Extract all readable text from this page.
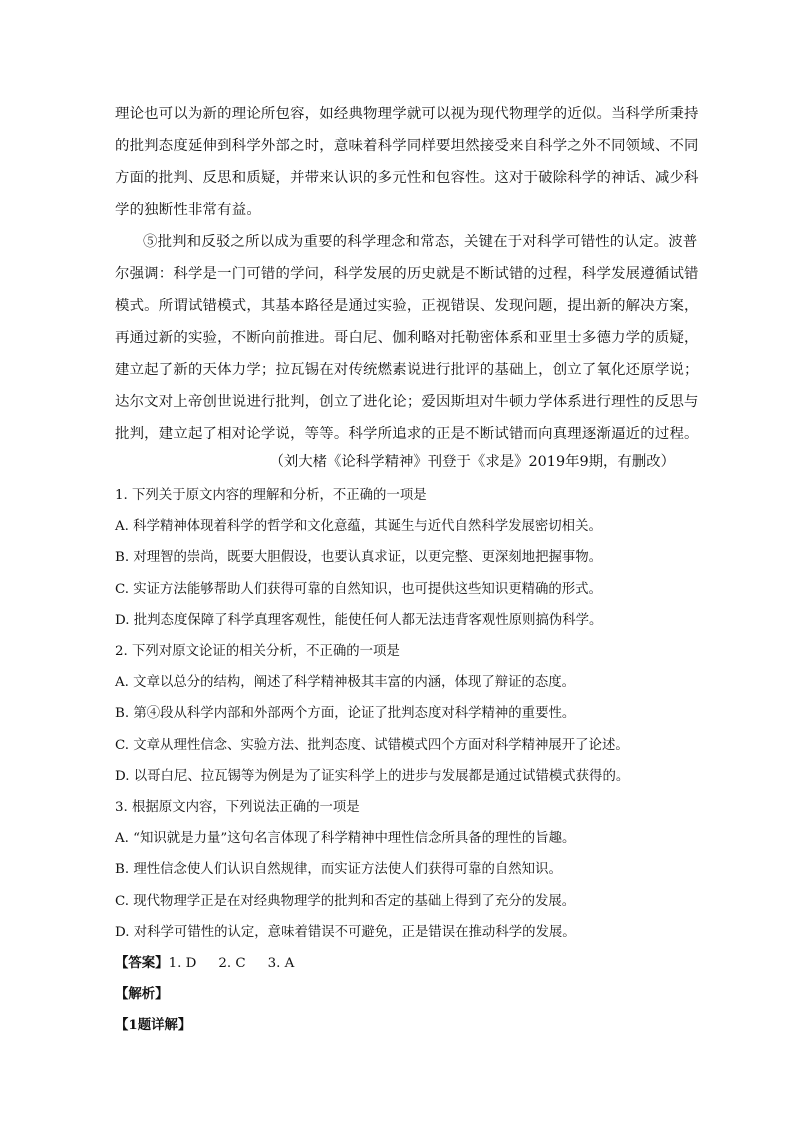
理论也可以为新的理论所包容，如经典物理学就可以视为现代物理学的近似。当科学所秉持
的批判态度延伸到科学外部之时，意味着科学同样要坦然接受来自科学之外不同领域、不同
方面的批判、反思和质疑，并带来认识的多元性和包容性。这对于破除科学的神话、减少科
学的独断性非常有益。

⑤批判和反驳之所以成为重要的科学理念和常态，关键在于对科学可错性的认定。波普
尔强调：科学是一门可错的学问，科学发展的历史就是不断试错的过程，科学发展遵循试错
模式。所谓试错模式，其基本路径是通过实验，正视错误、发现问题，提出新的解决方案，
再通过新的实验，不断向前推进。哥白尼、伽利略对托勒密体系和亚里士多德力学的质疑，
建立起了新的天体力学；拉瓦锡在对传统燃素说进行批评的基础上，创立了氧化还原学说；
达尔文对上帝创世说进行批判，创立了进化论；爱因斯坦对牛顿力学体系进行理性的反思与
批判，建立起了相对论学说，等等。科学所追求的正是不断试错而向真理逐渐逼近的过程。

（刘大楮《论科学精神》刊登于《求是》2019年9期，有删改）

1. 下列关于原文内容的理解和分析，不正确的一项是

A. 科学精神体现着科学的哲学和文化意蕴，其诞生与近代自然科学发展密切相关。

B. 对理智的崇尚，既要大胆假设，也要认真求证，以更完整、更深刻地把握事物。

C. 实证方法能够帮助人们获得可靠的自然知识，也可提供这些知识更精确的形式。

D. 批判态度保障了科学真理客观性，能使任何人都无法违背客观性原则搞伪科学。

2. 下列对原文论证的相关分析，不正确的一项是

A. 文章以总分的结构，阐述了科学精神极其丰富的内涵，体现了辩证的态度。

B. 第④段从科学内部和外部两个方面，论证了批判态度对科学精神的重要性。

C. 文章从理性信念、实验方法、批判态度、试错模式四个方面对科学精神展开了论述。

D. 以哥白尼、拉瓦锡等为例是为了证实科学上的进步与发展都是通过试错模式获得的。

3. 根据原文内容，下列说法正确的一项是

A. “知识就是力量”这句名言体现了科学精神中理性信念所具备的理性的旨趣。

B. 理性信念使人们认识自然规律，而实证方法使人们获得可靠的自然知识。

C. 现代物理学正是在对经典物理学的批判和否定的基础上得到了充分的发展。

D. 对科学可错性的认定，意味着错误不可避免，正是错误在推动科学的发展。

【答案】1. D 2. C 3. A

【解析】

【1题详解】
